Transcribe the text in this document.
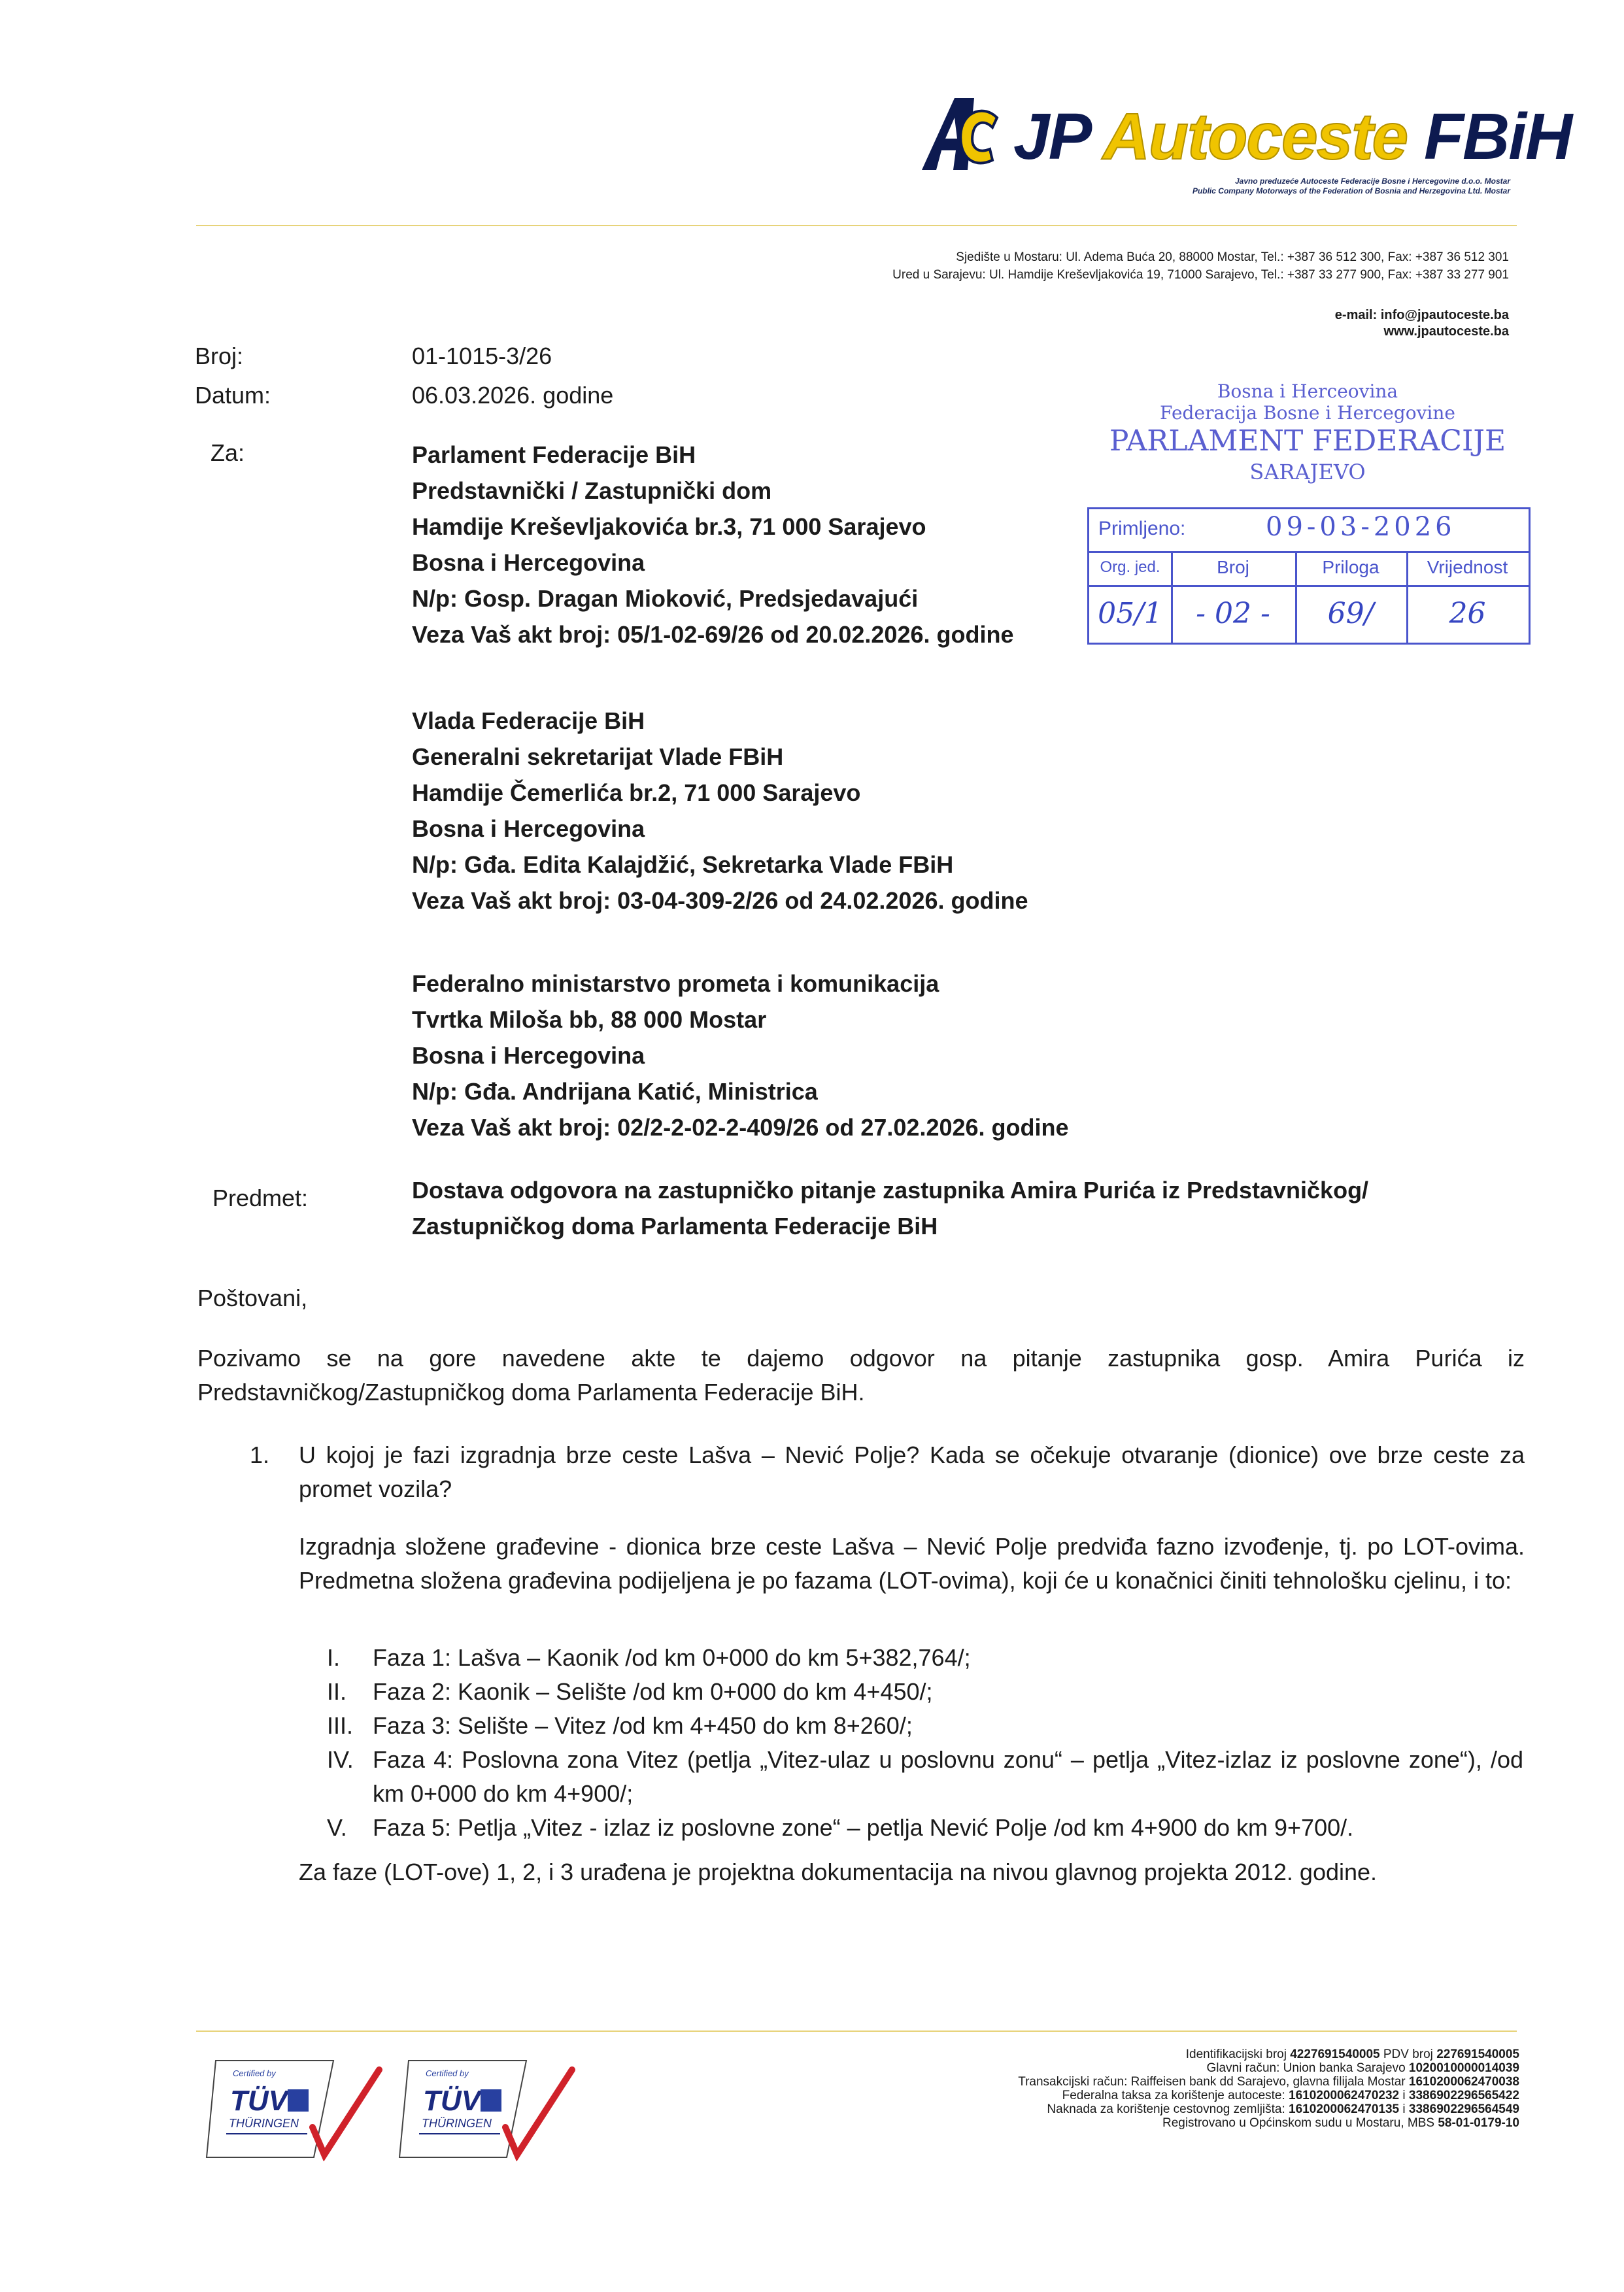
JP Autoceste FBiH
Javno preduzeće Autoceste Federacije Bosne i Hercegovine d.o.o. Mostar
Public Company Motorways of the Federation of Bosnia and Herzegovina Ltd. Mostar
Sjedište u Mostaru: Ul. Adema Buća 20, 88000 Mostar, Tel.: +387 36 512 300, Fax: +387 36 512 301
Ured u Sarajevu: Ul. Hamdije Kreševljakovića 19, 71000 Sarajevo, Tel.: +387 33 277 900, Fax: +387 33 277 901
e-mail: info@jpautoceste.ba
www.jpautoceste.ba
Broj:	01-1015-3/26
Datum:	06.03.2026. godine
Za:	Parlament Federacije BiH
Predstavnički / Zastupnički dom
Hamdije Kreševljakovića br.3, 71 000 Sarajevo
Bosna i Hercegovina
N/p: Gosp. Dragan Mioković, Predsjedavajući
Veza Vaš akt broj: 05/1-02-69/26 od 20.02.2026. godine
Vlada Federacije BiH
Generalni sekretarijat Vlade FBiH
Hamdije Čemerlića br.2, 71 000 Sarajevo
Bosna i Hercegovina
N/p: Gđa. Edita Kalajdžić, Sekretarka Vlade FBiH
Veza Vaš akt broj: 03-04-309-2/26 od 24.02.2026. godine
Federalno ministarstvo prometa i komunikacija
Tvrtka Miloša bb, 88 000 Mostar
Bosna i Hercegovina
N/p: Gđa. Andrijana Katić, Ministrica
Veza Vaš akt broj: 02/2-2-02-2-409/26 od 27.02.2026. godine
Bosna i Herceovina
Federacija Bosne i Hercegovine
PARLAMENT FEDERACIJE
SARAJEVO
Primljeno:	09-03-2026
Org. jed.	Broj	Priloga	Vrijednost
05/1	- 02 -	69/	26
Predmet:	Dostava odgovora na zastupničko pitanje zastupnika Amira Purića iz Predstavničkog/ Zastupničkog doma Parlamenta Federacije BiH
Poštovani,
Pozivamo se na gore navedene akte te dajemo odgovor na pitanje zastupnika gosp. Amira Purića iz Predstavničkog/Zastupničkog doma Parlamenta Federacije BiH.
1. U kojoj je fazi izgradnja brze ceste Lašva – Nević Polje? Kada se očekuje otvaranje (dionice) ove brze ceste za promet vozila?
Izgradnja složene građevine - dionica brze ceste Lašva – Nević Polje predviđa fazno izvođenje, tj. po LOT-ovima. Predmetna složena građevina podijeljena je po fazama (LOT-ovima), koji će u konačnici činiti tehnološku cjelinu, i to:
I.	Faza 1: Lašva – Kaonik /od km 0+000 do km 5+382,764/;
II.	Faza 2: Kaonik – Selište /od km 0+000 do km 4+450/;
III. Faza 3: Selište – Vitez /od km 4+450 do km 8+260/;
IV. Faza 4: Poslovna zona Vitez (petlja „Vitez-ulaz u poslovnu zonu“ – petlja „Vitez-izlaz iz poslovne zone“), /od km 0+000 do km 4+900/;
V.	Faza 5: Petlja „Vitez - izlaz iz poslovne zone“ – petlja Nević Polje /od km 4+900 do km 9+700/.
Za faze (LOT-ove) 1, 2, i 3 urađena je projektna dokumentacija na nivou glavnog projekta 2012. godine.
Certified by
TÜV
THÜRINGEN
Certified by
TÜV
THÜRINGEN
Identifikacijski broj 4227691540005 PDV broj 227691540005
Glavni račun: Union banka Sarajevo 1020010000014039
Transakcijski račun: Raiffeisen bank dd Sarajevo, glavna filijala Mostar 1610200062470038
Federalna taksa za korištenje autoceste: 1610200062470232 i 3386902296565422
Naknada za korištenje cestovnog zemljišta: 1610200062470135 i 3386902296564549
Registrovano u Općinskom sudu u Mostaru, MBS 58-01-0179-10
